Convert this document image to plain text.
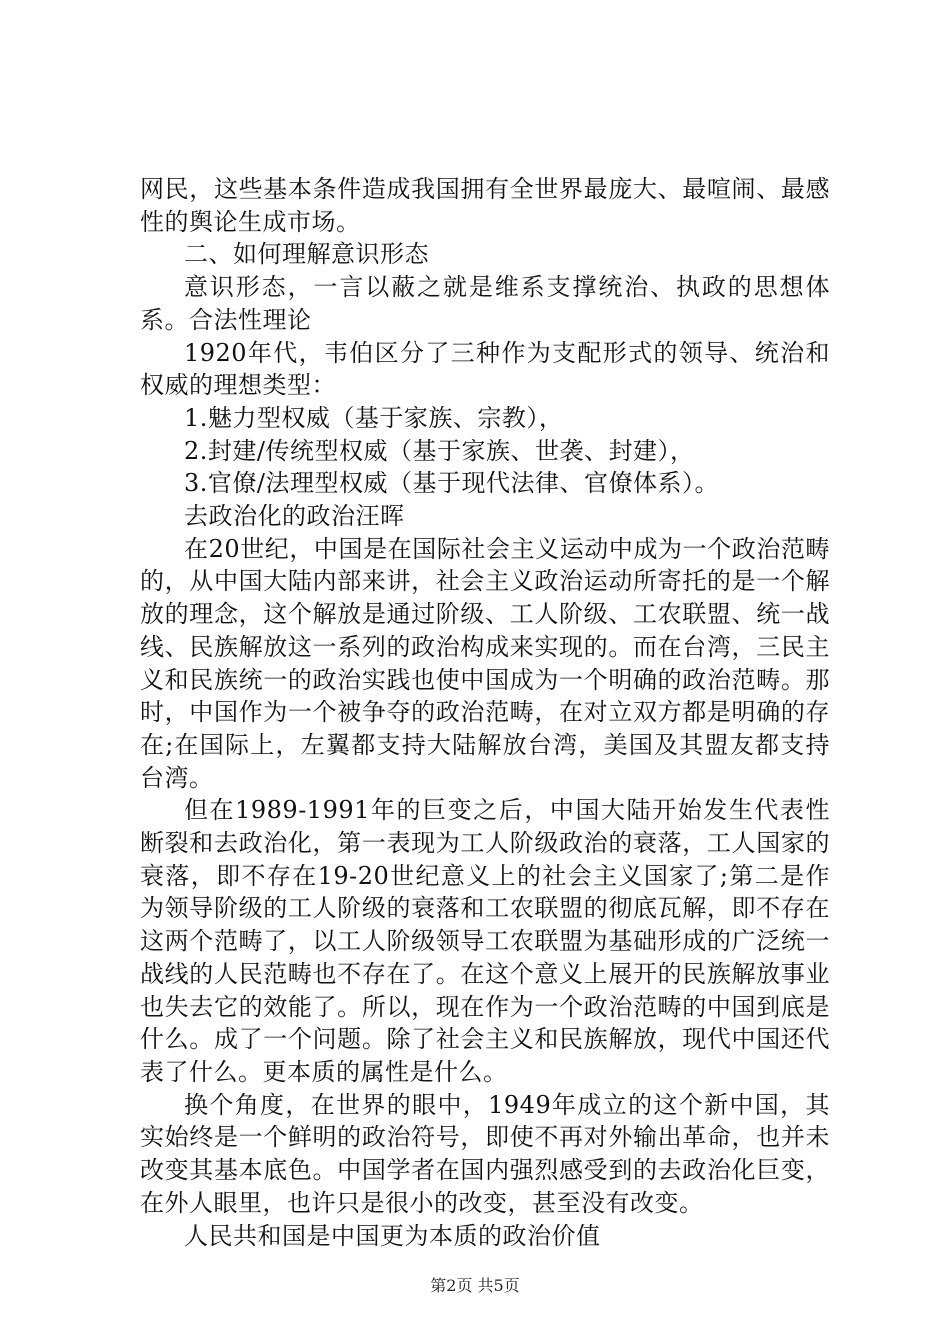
网民，这些基本条件造成我国拥有全世界最庞大、最喧闹、最感性的舆论生成市场。

二、如何理解意识形态

意识形态，一言以蔽之就是维系支撑统治、执政的思想体系。合法性理论

1920年代，韦伯区分了三种作为支配形式的领导、统治和权威的理想类型：

1.魅力型权威（基于家族、宗教），

2.封建/传统型权威（基于家族、世袭、封建），

3.官僚/法理型权威（基于现代法律、官僚体系）。

去政治化的政治汪晖

在20世纪，中国是在国际社会主义运动中成为一个政治范畴的，从中国大陆内部来讲，社会主义政治运动所寄托的是一个解放的理念，这个解放是通过阶级、工人阶级、工农联盟、统一战线、民族解放这一系列的政治构成来实现的。而在台湾，三民主义和民族统一的政治实践也使中国成为一个明确的政治范畴。那时，中国作为一个被争夺的政治范畴，在对立双方都是明确的存在;在国际上，左翼都支持大陆解放台湾，美国及其盟友都支持台湾。

但在1989-1991年的巨变之后，中国大陆开始发生代表性断裂和去政治化，第一表现为工人阶级政治的衰落，工人国家的衰落，即不存在19-20世纪意义上的社会主义国家了;第二是作为领导阶级的工人阶级的衰落和工农联盟的彻底瓦解，即不存在这两个范畴了，以工人阶级领导工农联盟为基础形成的广泛统一战线的人民范畴也不存在了。在这个意义上展开的民族解放事业也失去它的效能了。所以，现在作为一个政治范畴的中国到底是什么。成了一个问题。除了社会主义和民族解放，现代中国还代表了什么。更本质的属性是什么。

换个角度，在世界的眼中，1949年成立的这个新中国，其实始终是一个鲜明的政治符号，即使不再对外输出革命，也并未改变其基本底色。中国学者在国内强烈感受到的去政治化巨变，在外人眼里，也许只是很小的改变，甚至没有改变。

人民共和国是中国更为本质的政治价值

第2页 共5页
